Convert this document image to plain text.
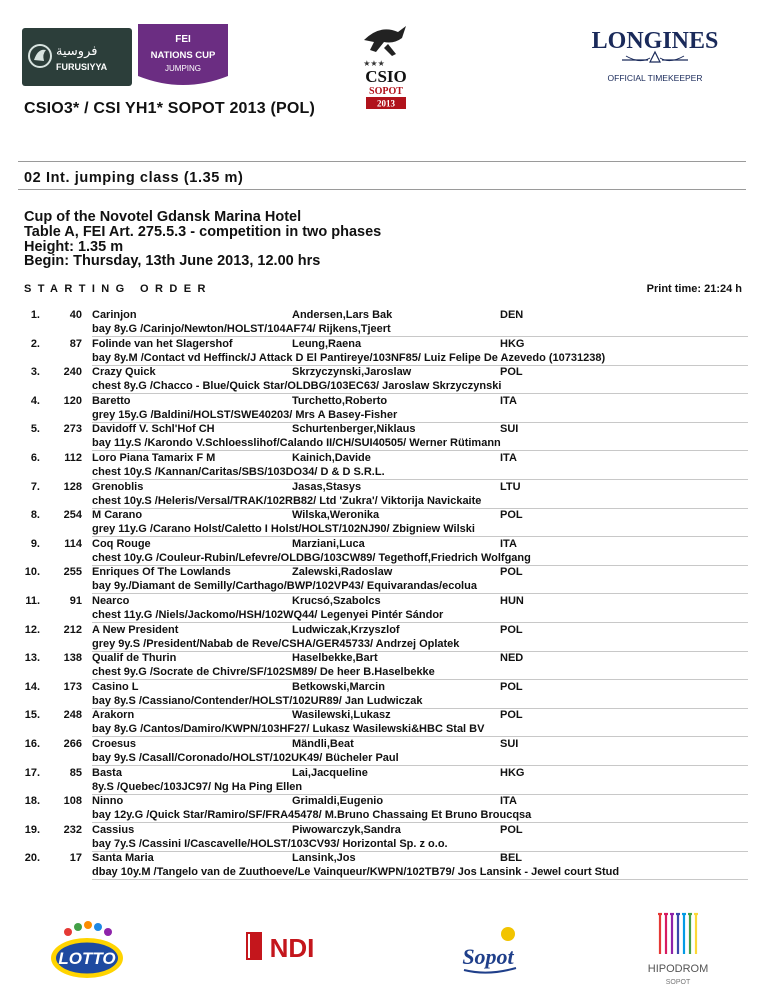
فروسية
FURUSIYYA
FEI
NATIONS CUP
JUMPING
★★★
CSIO
SOPOT
2013
LONGINES
OFFICIAL TIMEKEEPER
CSIO3* / CSI YH1* SOPOT 2013 (POL)
02 Int. jumping class (1.35 m)
Cup of the Novotel Gdansk Marina Hotel
Table A, FEI Art. 275.5.3 - competition in two phases
Height: 1.35 m
Begin: Thursday, 13th June 2013, 12.00 hrs
STARTING ORDER	Print time: 21:24 h
1.	40 Carinjon	Andersen,Lars Bak	DEN
bay 8y.G /Carinjo/Newton/HOLST/104AF74/ Rijkens,Tjeert
2.	87 Folinde van het Slagershof	Leung,Raena	HKG
bay 8y.M /Contact vd Heffinck/J Attack D El Pantireye/103NF85/ Luiz Felipe De Azevedo (10731238)
3.	240 Crazy Quick	Skrzyczynski,Jaroslaw	POL
chest 8y.G /Chacco - Blue/Quick Star/OLDBG/103EC63/ Jaroslaw Skrzyczynski
4.	120 Baretto	Turchetto,Roberto	ITA
grey 15y.G /Baldini/HOLST/SWE40203/ Mrs A Basey-Fisher
5.	273 Davidoff V. Schl'Hof CH	Schurtenberger,Niklaus	SUI
bay 11y.S /Karondo V.Schloesslihof/Calando II/CH/SUI40505/ Werner Rütimann
6.	112 Loro Piana Tamarix F M	Kainich,Davide	ITA
chest 10y.S /Kannan/Caritas/SBS/103DO34/ D & D S.R.L.
7.	128 Grenoblis	Jasas,Stasys	LTU
chest 10y.S /Heleris/Versal/TRAK/102RB82/ Ltd 'Zukra'/ Viktorija Navickaite
8.	254 M Carano	Wilska,Weronika	POL
grey 11y.G /Carano Holst/Caletto I Holst/HOLST/102NJ90/ Zbigniew Wilski
9.	114 Coq Rouge	Marziani,Luca	ITA
chest 10y.G /Couleur-Rubin/Lefevre/OLDBG/103CW89/ Tegethoff,Friedrich Wolfgang
10.	255 Enriques Of The Lowlands	Zalewski,Radoslaw	POL
bay 9y./Diamant de Semilly/Carthago/BWP/102VP43/ Equivarandas/ecolua
11.	91 Nearco	Krucsó,Szabolcs	HUN
chest 11y.G /Niels/Jackomo/HSH/102WQ44/ Legenyei Pintér Sándor
12.	212 A New President	Ludwiczak,Krzyszlof	POL
grey 9y.S /President/Nabab de Reve/CSHA/GER45733/ Andrzej Oplatek
13.	138 Qualif de Thurin	Haselbekke,Bart	NED
chest 9y.G /Socrate de Chivre/SF/102SM89/ De heer B.Haselbekke
14.	173 Casino L	Betkowski,Marcin	POL
bay 8y.S /Cassiano/Contender/HOLST/102UR89/ Jan Ludwiczak
15.	248 Arakorn	Wasilewski,Lukasz	POL
bay 8y.G /Cantos/Damiro/KWPN/103HF27/ Lukasz Wasilewski&HBC Stal BV
16.	266 Croesus	Mändli,Beat	SUI
bay 9y.S /Casall/Coronado/HOLST/102UK49/ Bücheler Paul
17.	85 Basta	Lai,Jacqueline	HKG
8y.S /Quebec/103JC97/ Ng Ha Ping Ellen
18.	108 Ninno	Grimaldi,Eugenio	ITA
bay 12y.G /Quick Star/Ramiro/SF/FRA45478/ M.Bruno Chassaing Et Bruno Broucqsa
19.	232 Cassius	Piwowarczyk,Sandra	POL
bay 7y.S /Cassini I/Cascavelle/HOLST/103CV93/ Horizontal Sp. z o.o.
20.	17 Santa Maria	Lansink,Jos	BEL
dbay 10y.M /Tangelo van de Zuuthoeve/Le Vainqueur/KWPN/102TB79/ Jos Lansink - Jewel court Stud
LOTTO	NDI	Sopot	HIPODROM
SOPOT
